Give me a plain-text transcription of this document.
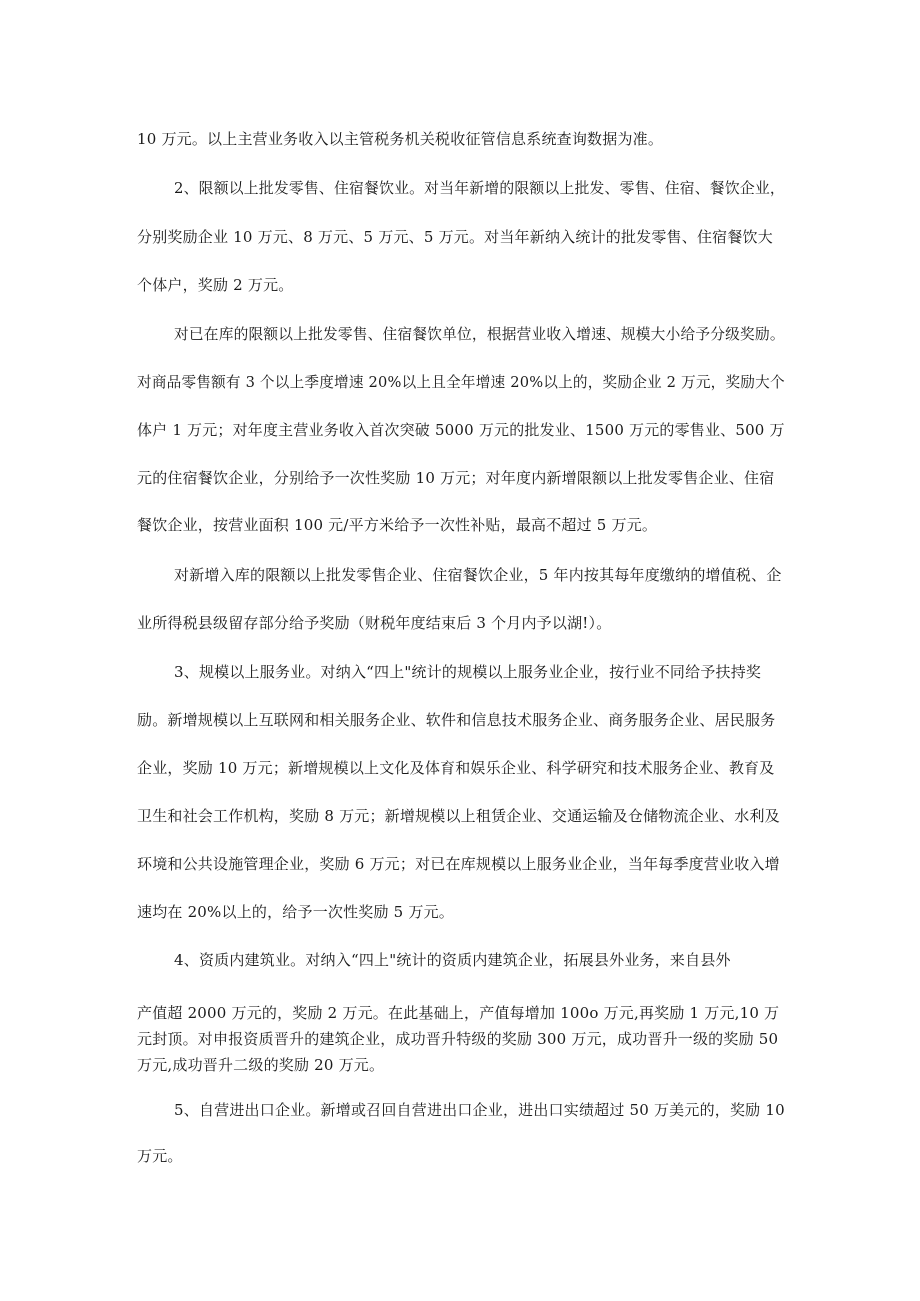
10 万元。以上主营业务收入以主管税务机关税收征管信息系统查询数据为准。
2、限额以上批发零售、住宿餐饮业。对当年新增的限额以上批发、零售、住宿、餐饮企业，
分别奖励企业 10 万元、8 万元、5 万元、5 万元。对当年新纳入统计的批发零售、住宿餐饮大
个体户，奖励 2 万元。
对已在库的限额以上批发零售、住宿餐饮单位，根据营业收入增速、规模大小给予分级奖励。
对商品零售额有 3 个以上季度增速 20%以上且全年增速 20%以上的，奖励企业 2 万元，奖励大个
体户 1 万元；对年度主营业务收入首次突破 5000 万元的批发业、1500 万元的零售业、500 万
元的住宿餐饮企业，分别给予一次性奖励 10 万元；对年度内新增限额以上批发零售企业、住宿
餐饮企业，按营业面积 100 元/平方米给予一次性补贴，最高不超过 5 万元。
对新增入库的限额以上批发零售企业、住宿餐饮企业，5 年内按其每年度缴纳的增值税、企
业所得税县级留存部分给予奖励（财税年度结束后 3 个月内予以湖!）。
3、规模以上服务业。对纳入“四上"统计的规模以上服务业企业，按行业不同给予扶持奖
励。新增规模以上互联网和相关服务企业、软件和信息技术服务企业、商务服务企业、居民服务
企业，奖励 10 万元；新增规模以上文化及体育和娱乐企业、科学研究和技术服务企业、教育及
卫生和社会工作机构，奖励 8 万元；新增规模以上租赁企业、交通运输及仓储物流企业、水利及
环境和公共设施管理企业，奖励 6 万元；对已在库规模以上服务业企业，当年每季度营业收入增
速均在 20%以上的，给予一次性奖励 5 万元。
4、资质内建筑业。对纳入“四上"统计的资质内建筑企业，拓展县外业务，来自县外
产值超 2000 万元的，奖励 2 万元。在此基础上，产值每增加 100o 万元,再奖励 1 万元,10 万
元封顶。对申报资质晋升的建筑企业，成功晋升特级的奖励 300 万元，成功晋升一级的奖励 50
万元,成功晋升二级的奖励 20 万元。
5、自营进出口企业。新增或召回自营进出口企业，进出口实绩超过 50 万美元的，奖励 10
万元。
